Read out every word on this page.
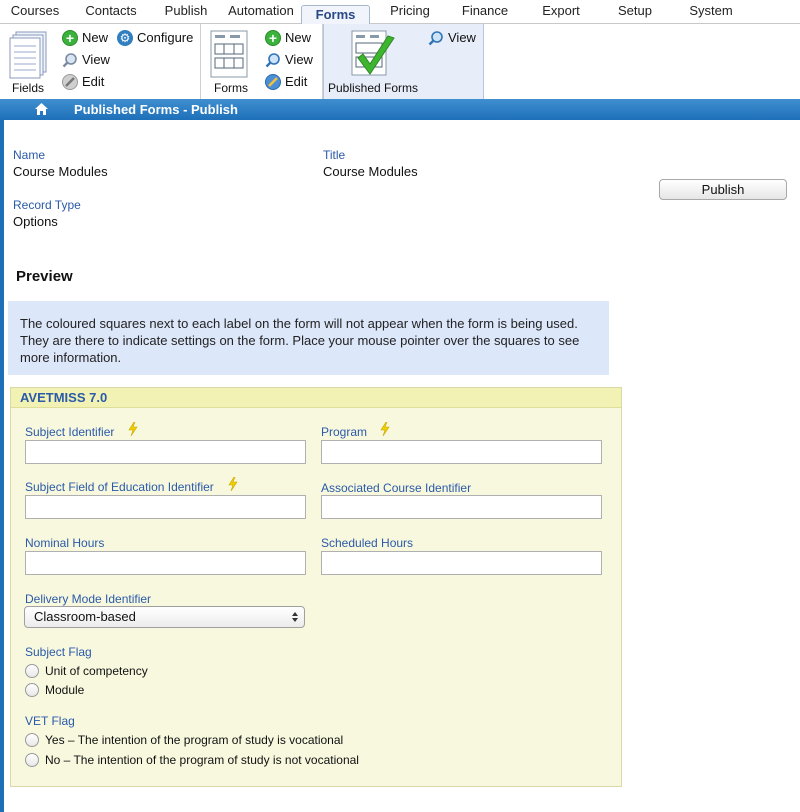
Courses	Contacts	Publish	Automation	Forms	Pricing	Finance	Export	Setup	System
Fields
+ New ⚙ Configure
View
Edit	Forms
+ New
View
Edit Published Forms
View
Published Forms - Publish
Name
Course Modules
Title
Course Modules
Record Type
Options
Publish
Preview
The coloured squares next to each label on the form will not appear when the form is being used. They are there to indicate settings on the form. Place your mouse pointer over the squares to see more information.
AVETMISS 7.0
Subject Identifier	Program
Subject Field of Education Identifier	Associated Course Identifier
Nominal Hours	Scheduled Hours
Delivery Mode Identifier
Classroom-based
Subject Flag
Unit of competency
Module
VET Flag
Yes – The intention of the program of study is vocational
No – The intention of the program of study is not vocational
